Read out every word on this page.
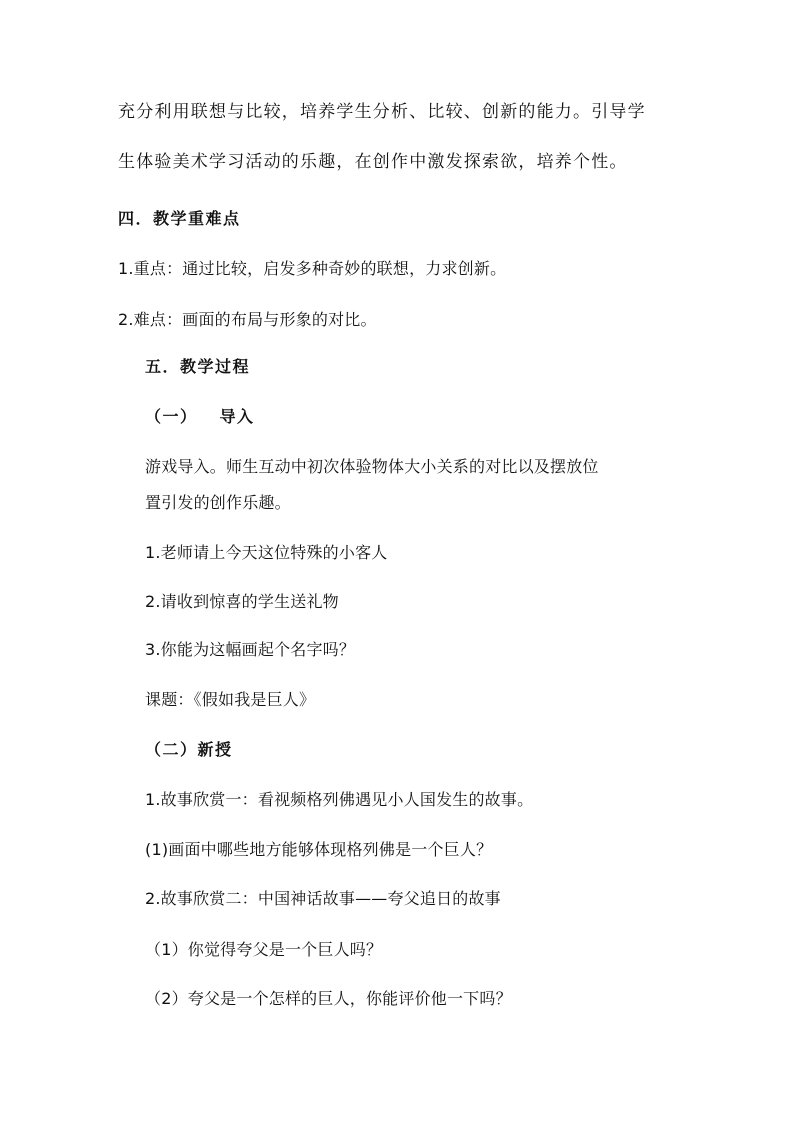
充分利用联想与比较，培养学生分析、比较、创新的能力。引导学
生体验美术学习活动的乐趣，在创作中激发探索欲，培养个性。
四．教学重难点
1.重点：通过比较，启发多种奇妙的联想，力求创新。
2.难点：画面的布局与形象的对比。
五．教学过程
（一） 导入
游戏导入。师生互动中初次体验物体大小关系的对比以及摆放位
置引发的创作乐趣。
1.老师请上今天这位特殊的小客人
2.请收到惊喜的学生送礼物
3.你能为这幅画起个名字吗？
课题：《假如我是巨人》
（二）新授
1.故事欣赏一：看视频格列佛遇见小人国发生的故事。
(1)画面中哪些地方能够体现格列佛是一个巨人？
2.故事欣赏二：中国神话故事——夸父追日的故事
（1）你觉得夸父是一个巨人吗？
（2）夸父是一个怎样的巨人，你能评价他一下吗？
